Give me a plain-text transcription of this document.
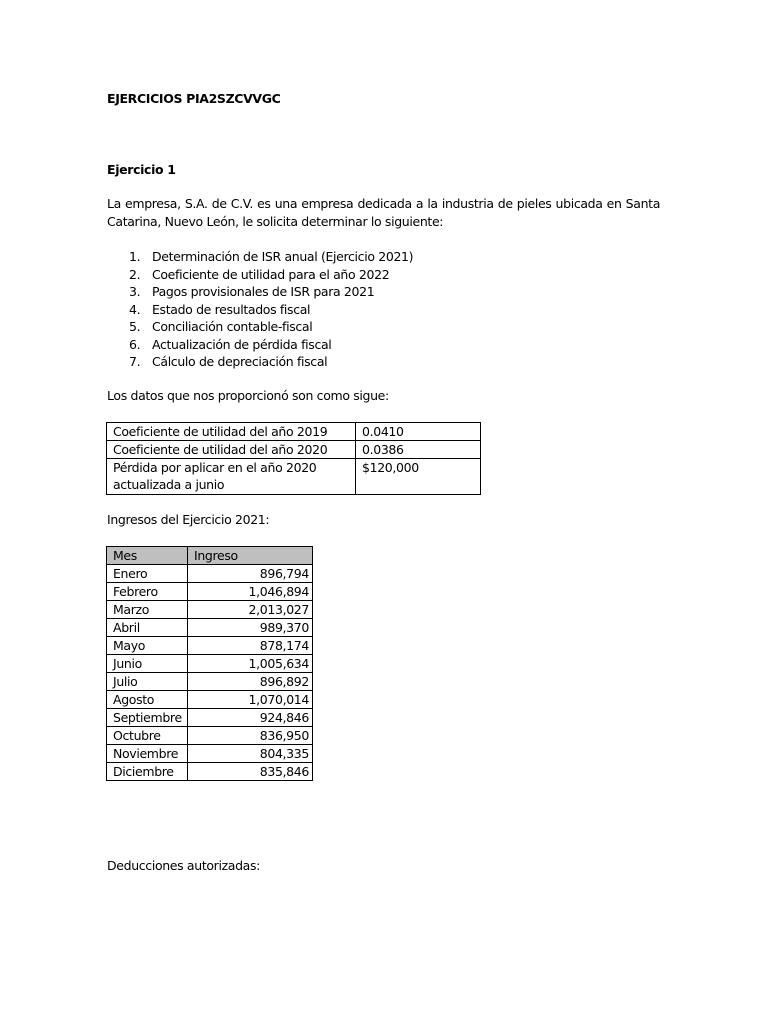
EJERCICIOS PIA2SZCVVGC
Ejercicio 1
La empresa, S.A. de C.V. es una empresa dedicada a la industria de pieles ubicada en Santa Catarina, Nuevo León, le solicita determinar lo siguiente:
1. Determinación de ISR anual (Ejercicio 2021)
2. Coeficiente de utilidad para el año 2022
3. Pagos provisionales de ISR para 2021
4. Estado de resultados fiscal
5. Conciliación contable-fiscal
6. Actualización de pérdida fiscal
7. Cálculo de depreciación fiscal
Los datos que nos proporcionó son como sigue:
Coeficiente de utilidad del año 2019	0.0410
Coeficiente de utilidad del año 2020	0.0386
Pérdida por aplicar en el año 2020 actualizada a junio	$120,000
Ingresos del Ejercicio 2021:
Mes	Ingreso
Enero	896,794
Febrero	1,046,894
Marzo	2,013,027
Abril	989,370
Mayo	878,174
Junio	1,005,634
Julio	896,892
Agosto	1,070,014
Septiembre	924,846
Octubre	836,950
Noviembre	804,335
Diciembre	835,846
Deducciones autorizadas:
